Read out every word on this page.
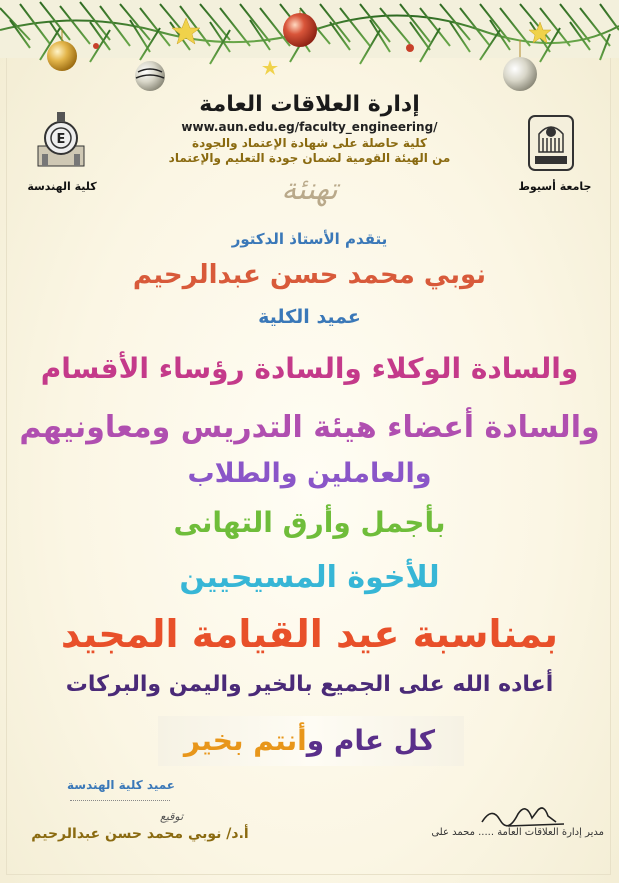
E
كلية الهندسة	جامعة أسيوط
إدارة العلاقات العامة
www.aun.edu.eg/faculty_engineering/
كلية حاصلة على شهادة الإعتماد والجودة
من الهيئة القومية لضمان جودة التعليم والإعتماد
تهنئة
يتقدم الأستاذ الدكتور
نوبي محمد حسن عبدالرحيم
عميد الكلية
والسادة الوكلاء والسادة رؤساء الأقسام
والسادة أعضاء هيئة التدريس ومعاونيهم
والعاملين والطلاب
بأجمل وأرق التهانى
للأخوة المسيحيين
بمناسبة عيد القيامة المجيد
أعاده الله على الجميع بالخير واليمن والبركات
كل عام وأنتم بخير
عميد كلية الهندسة
توقيع
أ.د/ نوبي محمد حسن عبدالرحيم	مدير إدارة العلاقات العامة ..... محمد على
